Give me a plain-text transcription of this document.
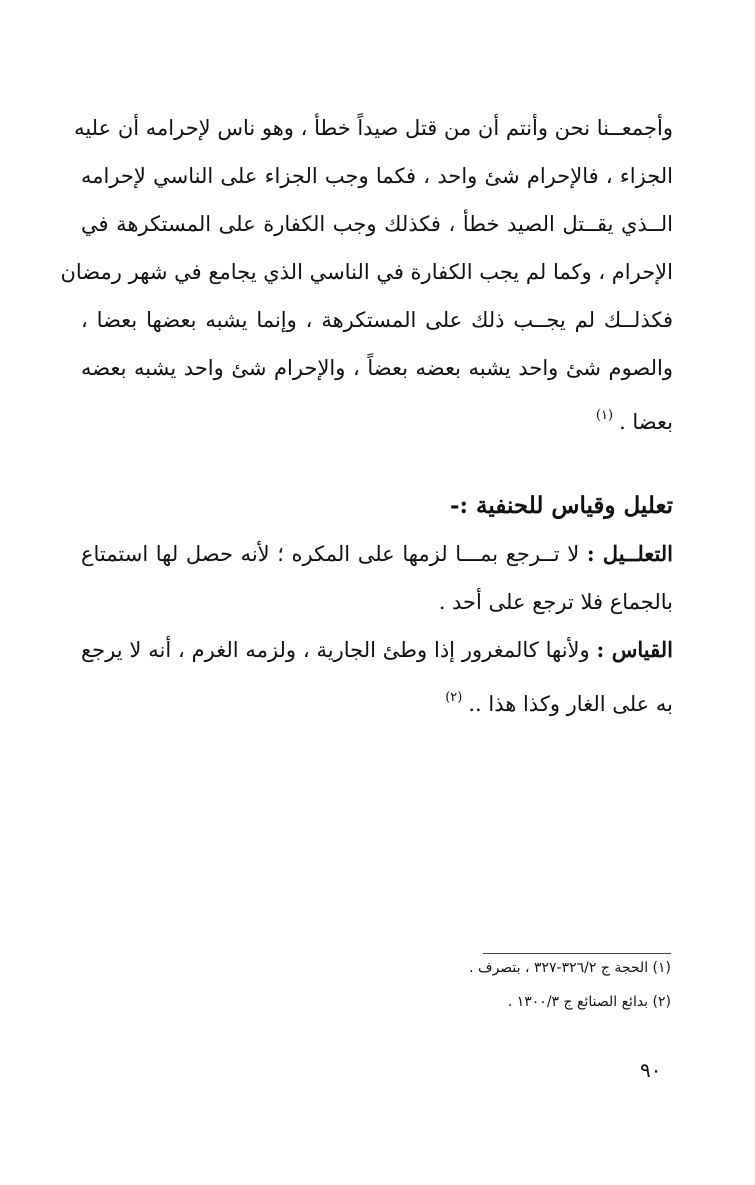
وأجمعــنا نحن وأنتم أن من قتل صيداً خطأ ، وهو ناس لإحرامه أن عليه
الجزاء ، فالإحرام شئ واحد ، فكما وجب الجزاء على الناسي لإحرامه
الــذي يقــتل الصيد خطأ ، فكذلك وجب الكفارة على المستكرهة في
الإحرام ، وكما لم يجب الكفارة في الناسي الذي يجامع في شهر رمضان
فكذلــك لم يجــب ذلك على المستكرهة ، وإنما يشبه بعضها بعضا ،
والصوم شئ واحد يشبه بعضه بعضاً ، والإحرام شئ واحد يشبه بعضه
بعضا .$^{(١)}$
تعليل وقياس للحنفية :-
التعلــيل : لا تــرجع بمـــا لزمها على المكره ؛ لأنه حصل لها استمتاع
بالجماع فلا ترجع على أحد .
القياس : ولأنها كالمغرور إذا وطئ الجارية ، ولزمه الغرم ، أنه لا يرجع
به على الغار وكذا هذا ..$^{(٢)}$
(١) الحجة ج ٣٢٦/٢-٣٢٧ ، بتصرف .
(٢) بدائع الصنائع ج ١٣٠٠/٣ .
٩٠
